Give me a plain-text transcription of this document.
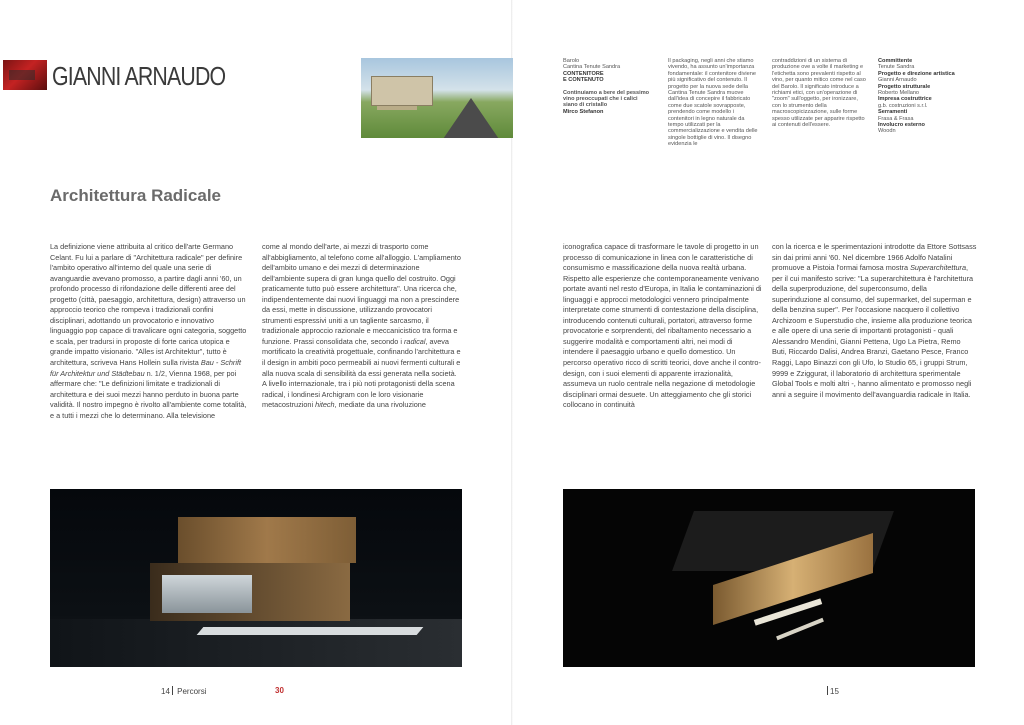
GIANNI ARNAUDO
Architettura Radicale
Barolo
Cantina Tenute Sandra
CONTENITORE
E CONTENUTO
Continuiamo a bere del pessimo vino preoccupati che i calici siano di cristallo
Mirco Stefanon
Il packaging, negli anni che stiamo vivendo, ha assunto un'importanza fondamentale: il contenitore diviene più significativo del contenuto. Il progetto per la nuova sede della Cantina Tenute Sandra muove dall'idea di concepire il fabbricato come due scatole sovrapposte, prendendo come modello i contenitori in legno naturale da tempo utilizzati per la commercializzazione e vendita delle singole bottiglie di vino. Il disegno evidenzia le
contraddizioni di un sistema di produzione ove a volte il marketing e l'etichetta sono prevalenti rispetto al vino, per quanto mitico come nel caso del Barolo. Il significato introduce a richiami etici, con un'operazione di "zoom" sull'oggetto, per ironizzare, con lo strumento della macroscopicizzazione, sulle forme spesso utilizzate per apparire rispetto ai contenuti dell'essere.
Committente
Tenute Sandra
Progetto e direzione artistica
Gianni Arnaudo
Progetto strutturale
Roberto Mellano
Impresa costruttrice
g.b. costruzioni s.r.l.
Serramenti
Frasa & Frasa
Involucro esterno
Woodn

La definizione viene attribuita al critico dell'arte Germano Celant. Fu lui a parlare di "Architettura radicale" per definire l'ambito operativo all'interno del quale una serie di avanguardie avevano promosso, a partire dagli anni '60, un profondo processo di rifondazione delle differenti aree del progetto (città, paesaggio, architettura, design) attraverso un approccio teorico che rompeva i tradizionali confini disciplinari, adottando un provocatorio e innovativo linguaggio pop capace di travalicare ogni categoria, soggetto e scala, per tradursi in proposte di forte carica utopica e grande impatto visionario. "Alles ist Architektur", tutto è architettura, scriveva Hans Hollein sulla rivista Bau - Schrift für Architektur und Städtebau n. 1/2, Vienna 1968, per poi affermare che: "Le definizioni limitate e tradizionali di architettura e dei suoi mezzi hanno perduto in buona parte validità. Il nostro impegno è rivolto all'ambiente come totalità, e a tutti i mezzi che lo determinano. Alla televisione

come al mondo dell'arte, ai mezzi di trasporto come all'abbigliamento, al telefono come all'alloggio. L'ampliamento dell'ambito umano e dei mezzi di determinazione dell'ambiente supera di gran lunga quello del costruito. Oggi praticamente tutto può essere architettura". Una ricerca che, indipendentemente dai nuovi linguaggi ma non a prescindere da essi, mette in discussione, utilizzando provocatori strumenti espressivi uniti a un tagliente sarcasmo, il tradizionale approccio razionale e meccanicistico tra forma e funzione. Prassi consolidata che, secondo i radical, aveva mortificato la creatività progettuale, confinando l'architettura e il design in ambiti poco permeabili ai nuovi fermenti culturali e alla nuova scala di sensibilità da essi generata nella società. A livello internazionale, tra i più noti protagonisti della scena radical, i londinesi Archigram con le loro visionarie metacostruzioni hitech, mediate da una rivoluzione

iconografica capace di trasformare le tavole di progetto in un processo di comunicazione in linea con le caratteristiche di consumismo e massificazione della nuova realtà urbana. Rispetto alle esperienze che contemporaneamente venivano portate avanti nel resto d'Europa, in Italia le contaminazioni di linguaggi e approcci metodologici vennero principalmente interpretate come strumenti di contestazione della disciplina, introducendo contenuti culturali, portatori, attraverso forme provocatorie e sorprendenti, del ribaltamento necessario a suggerire modalità e comportamenti altri, nei modi di intendere il paesaggio urbano e quello domestico. Un percorso operativo ricco di scritti teorici, dove anche il contro-design, con i suoi elementi di apparente irrazionalità, assumeva un ruolo centrale nella negazione di metodologie disciplinari ormai desuete. Un atteggiamento che gli storici collocano in continuità

con la ricerca e le sperimentazioni introdotte da Ettore Sottsass sin dai primi anni '60. Nel dicembre 1966 Adolfo Natalini promuove a Pistoia l'ormai famosa mostra Superarchitettura, per il cui manifesto scrive: "La superarchitettura è l'architettura della superproduzione, del superconsumo, della superinduzione al consumo, del supermarket, del superman e della benzina super". Per l'occasione nacquero il collettivo Archizoom e Superstudio che, insieme alla produzione teorica e alle opere di una serie di importanti protagonisti - quali Alessandro Mendini, Gianni Pettena, Ugo La Pietra, Remo Buti, Riccardo Dalisi, Andrea Branzi, Gaetano Pesce, Franco Raggi, Lapo Binazzi con gli Ufo, lo Studio 65, i gruppi Strum, 9999 e Zziggurat, il laboratorio di architettura sperimentale Global Tools e molti altri -, hanno alimentato e promosso negli anni a seguire il movimento dell'avanguardia radicale in Italia.

14 Percorsi	30	15
